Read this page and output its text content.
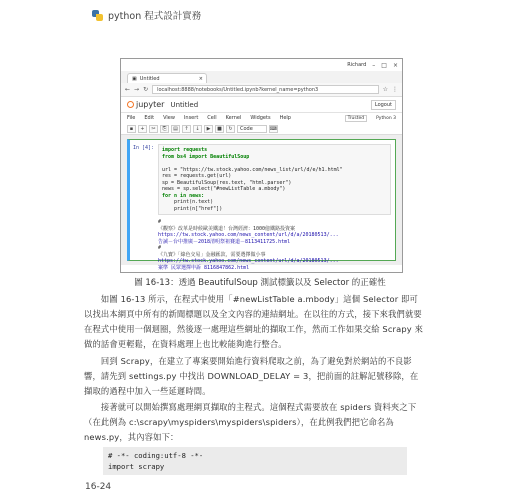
python 程式設計實務
Richard – □ ×
▣ Untitled	×
← → ↻	localhost:8888/notebooks/Untitled.ipynb?kernel_name=python3	☆ ⋮
jupyter Untitled	Logout
File Edit View Insert Cell Kernel Widgets Help	Trusted	Python 3
▪	+	✂	⎘	▤	↑	↓	▶	■	↻	Code	⌨
In [4]:	import requests
from bs4 import BeautifulSoup

url = "https://tw.stock.yahoo.com/news_list/url/d/e/h1.html"
res = requests.get(url)
sp = BeautifulSoup(res.text, "html.parser")
news = sp.select("#newListTable a.mbody")
for n in news:
print(n.text)
print(n["href"])
#
《觀察》改革是時候歐美鐵道！台灣經濟：1000億鐵路投資案
https://tw.stock.yahoo.com/news_content/url/d/a/20180513/...
告誡－台中推廣－2018清明祭祖賽道－8113411725.html
#
《九寶》「綠色交易」金融匯款，需要選擇做小事
https://tw.stock.yahoo.com/news_content/url/d/a/20180513/...
案準 民眾選擇申訴 8116847862.html
圖 16-13：透過 BeautifulSoup 測試標籤以及 Selector 的正確性

　　如圖 16-13 所示，在程式中使用「#newListTable a.mbody」這個 Selector 即可以找出本網頁中所有的新聞標題以及全文內容的連結網址。在以往的方式，接下來我們就要在程式中使用一個迴圈，然後逐一處理這些網址的擷取工作，然而工作如果交給 Scrapy 來做的話會更輕鬆，在資料處理上也比較能夠進行整合。

　　回到 Scrapy，在建立了專案要開始進行資料爬取之前，為了避免對於網站的不良影響，請先到 settings.py 中找出 DOWNLOAD_DELAY = 3，把前面的註解記號移除，在擷取的過程中加入一些延遲時間。

　　接著就可以開始撰寫處理網頁擷取的主程式。這個程式需要放在 spiders 資料夾之下（在此例為 c:\scrapy\myspiders\myspiders\spiders），在此例我們把它命名為 news.py，其內容如下：

# -*- coding:utf-8 -*-
import scrapy
16-24
